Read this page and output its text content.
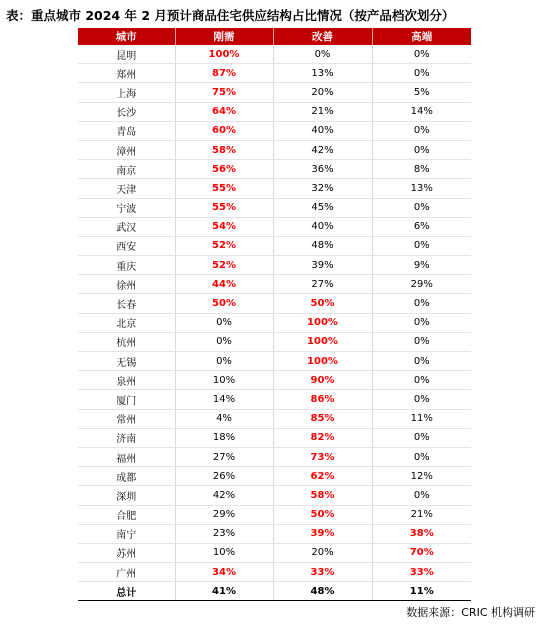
表：重点城市 2024 年 2 月预计商品住宅供应结构占比情况（按产品档次划分）
城市	刚需	改善	高端
昆明	100%	0%	0%
郑州	87%	13%	0%
上海	75%	20%	5%
长沙	64%	21%	14%
青岛	60%	40%	0%
漳州	58%	42%	0%
南京	56%	36%	8%
天津	55%	32%	13%
宁波	55%	45%	0%
武汉	54%	40%	6%
西安	52%	48%	0%
重庆	52%	39%	9%
徐州	44%	27%	29%
长春	50%	50%	0%
北京	0%	100%	0%
杭州	0%	100%	0%
无锡	0%	100%	0%
泉州	10%	90%	0%
厦门	14%	86%	0%
常州	4%	85%	11%
济南	18%	82%	0%
福州	27%	73%	0%
成都	26%	62%	12%
深圳	42%	58%	0%
合肥	29%	50%	21%
南宁	23%	39%	38%
苏州	10%	20%	70%
广州	34%	33%	33%
总计	41%	48%	11%
数据来源：CRIC 机构调研
